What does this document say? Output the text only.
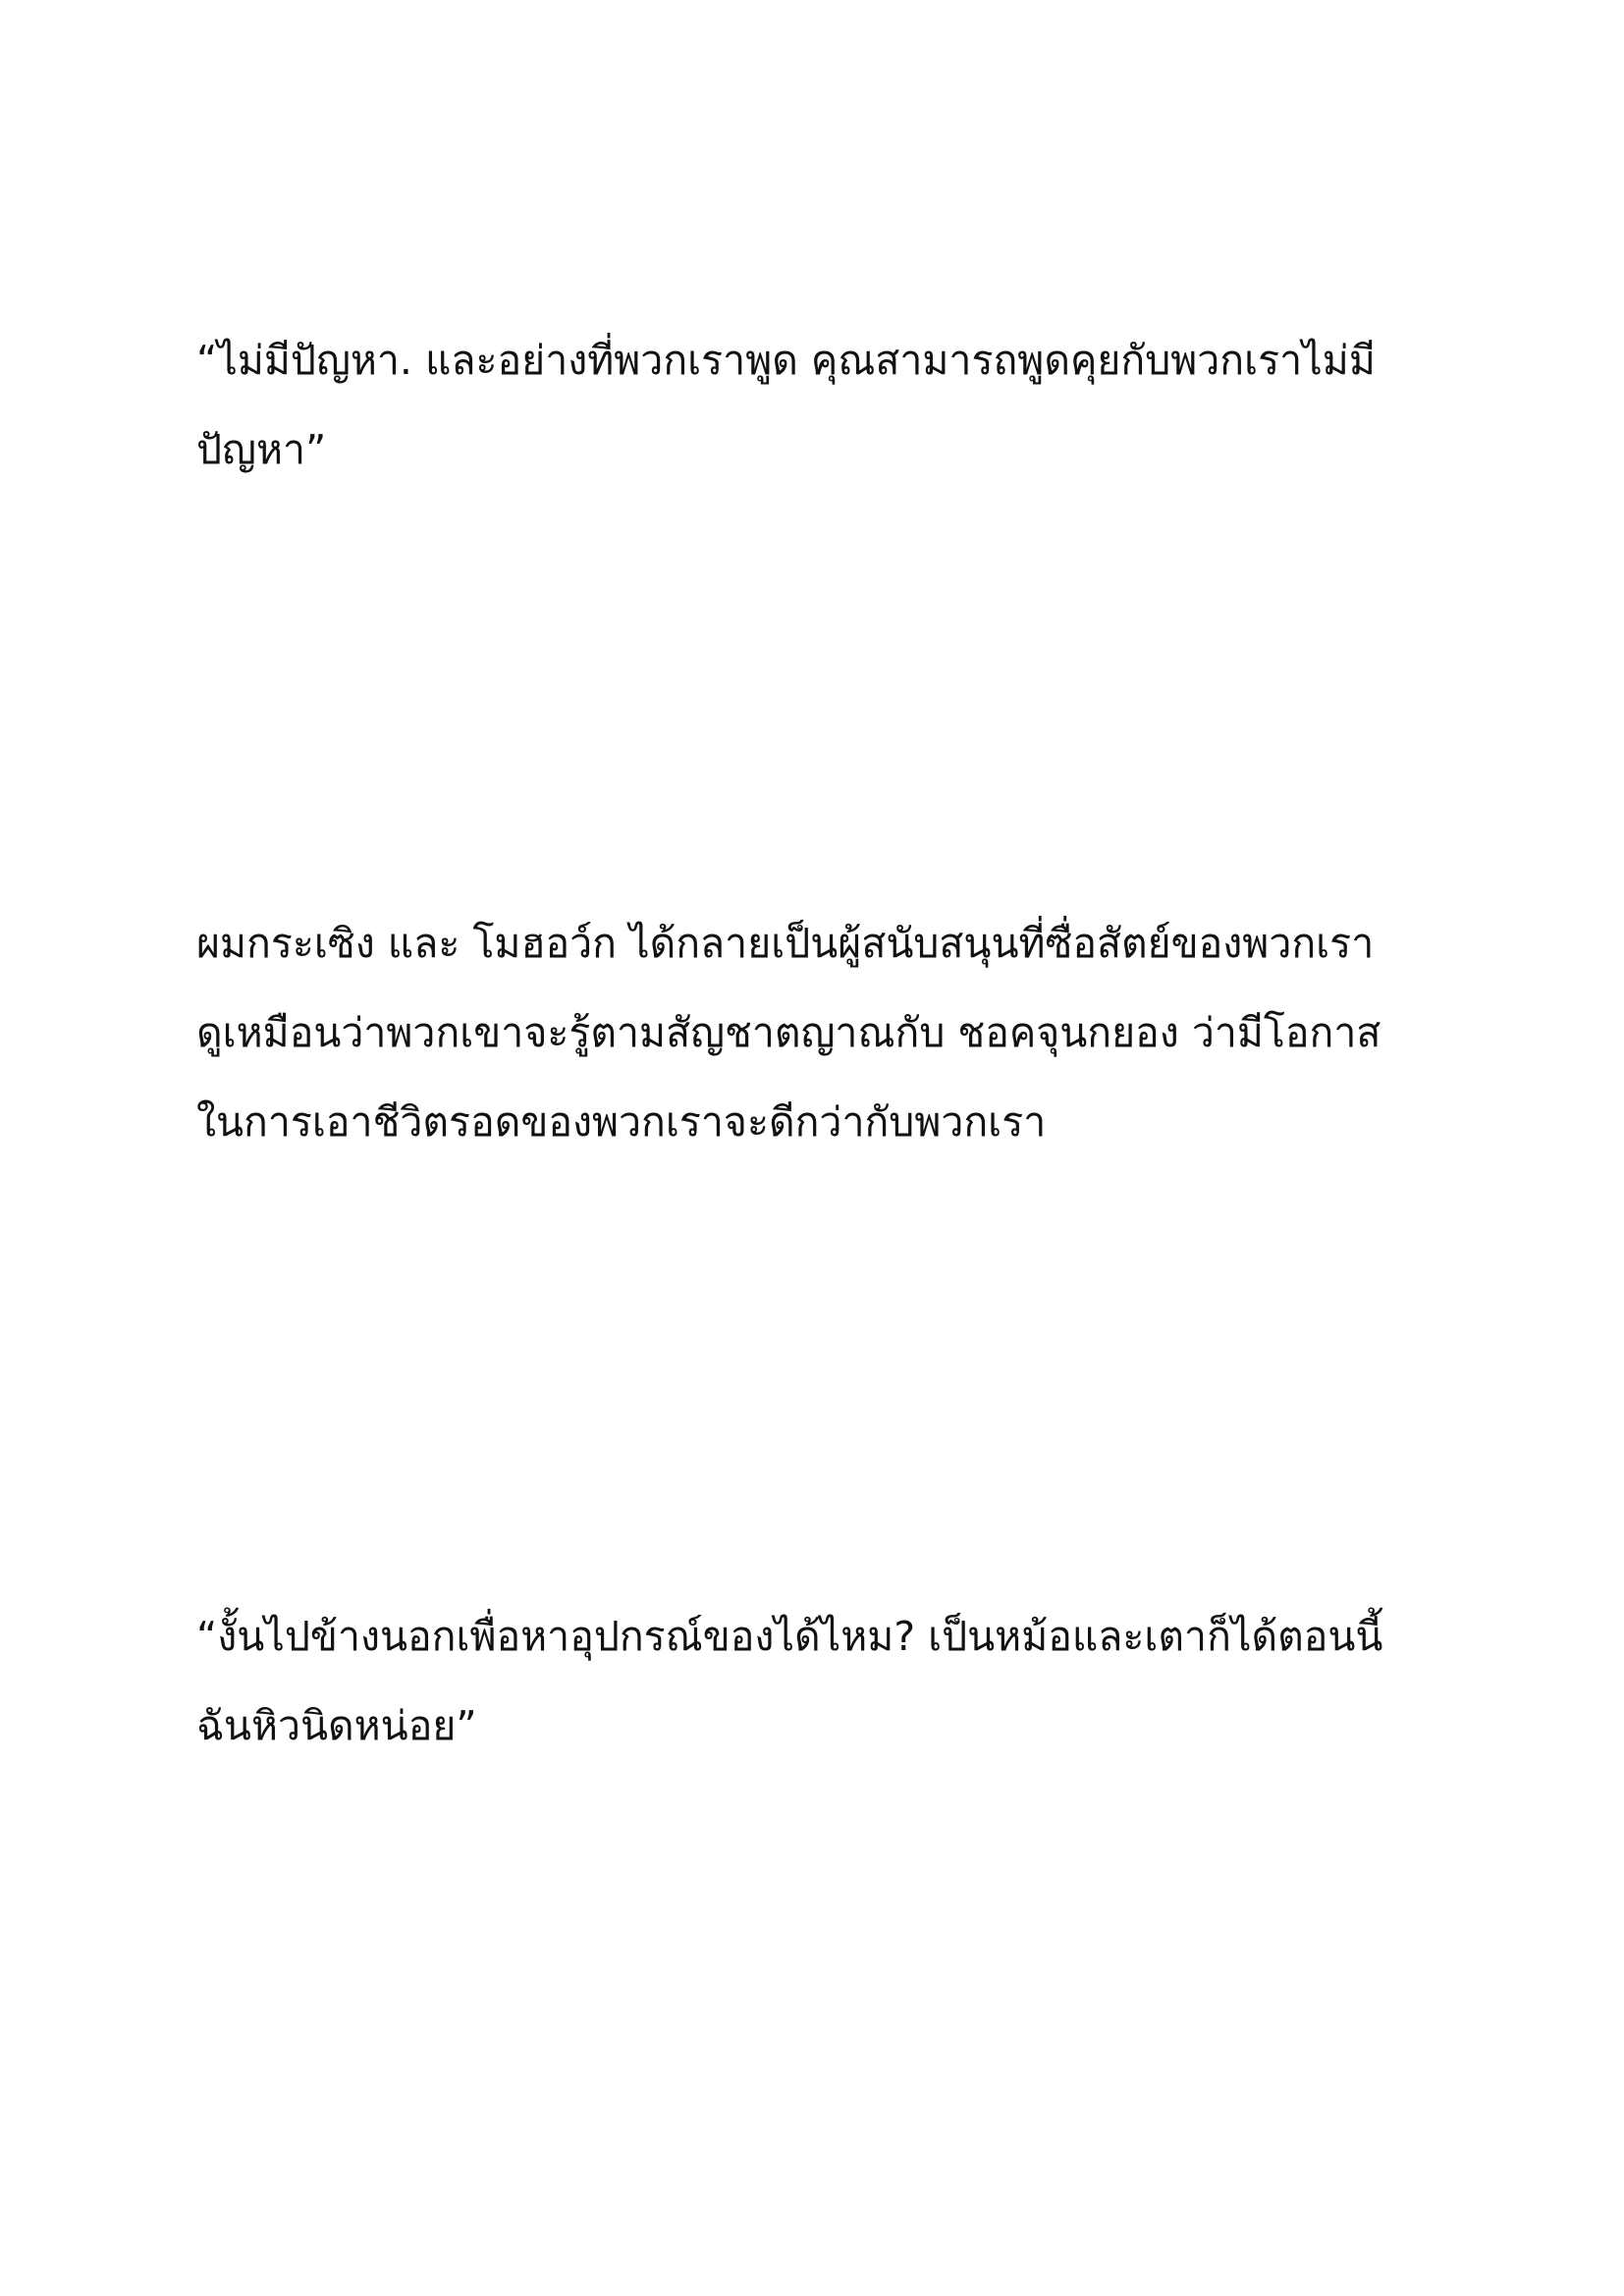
“ไม่มีปัญหา. และอย่างที่พวกเราพูด คุณสามารถพูดคุยกับพวกเราไม่มี
ปัญหา”

ผมกระเซิง และ โมฮอว์ก ได้กลายเป็นผู้สนับสนุนที่ซื่อสัตย์ของพวกเรา
ดูเหมือนว่าพวกเขาจะรู้ตามสัญชาตญาณกับ ชอคจุนกยอง ว่ามีโอกาส
ในการเอาชีวิตรอดของพวกเราจะดีกว่ากับพวกเรา

“งั้นไปข้างนอกเพื่อหาอุปกรณ์ของได้ไหม? เป็นหม้อและเตาก็ได้ตอนนี้
ฉันหิวนิดหน่อย”
